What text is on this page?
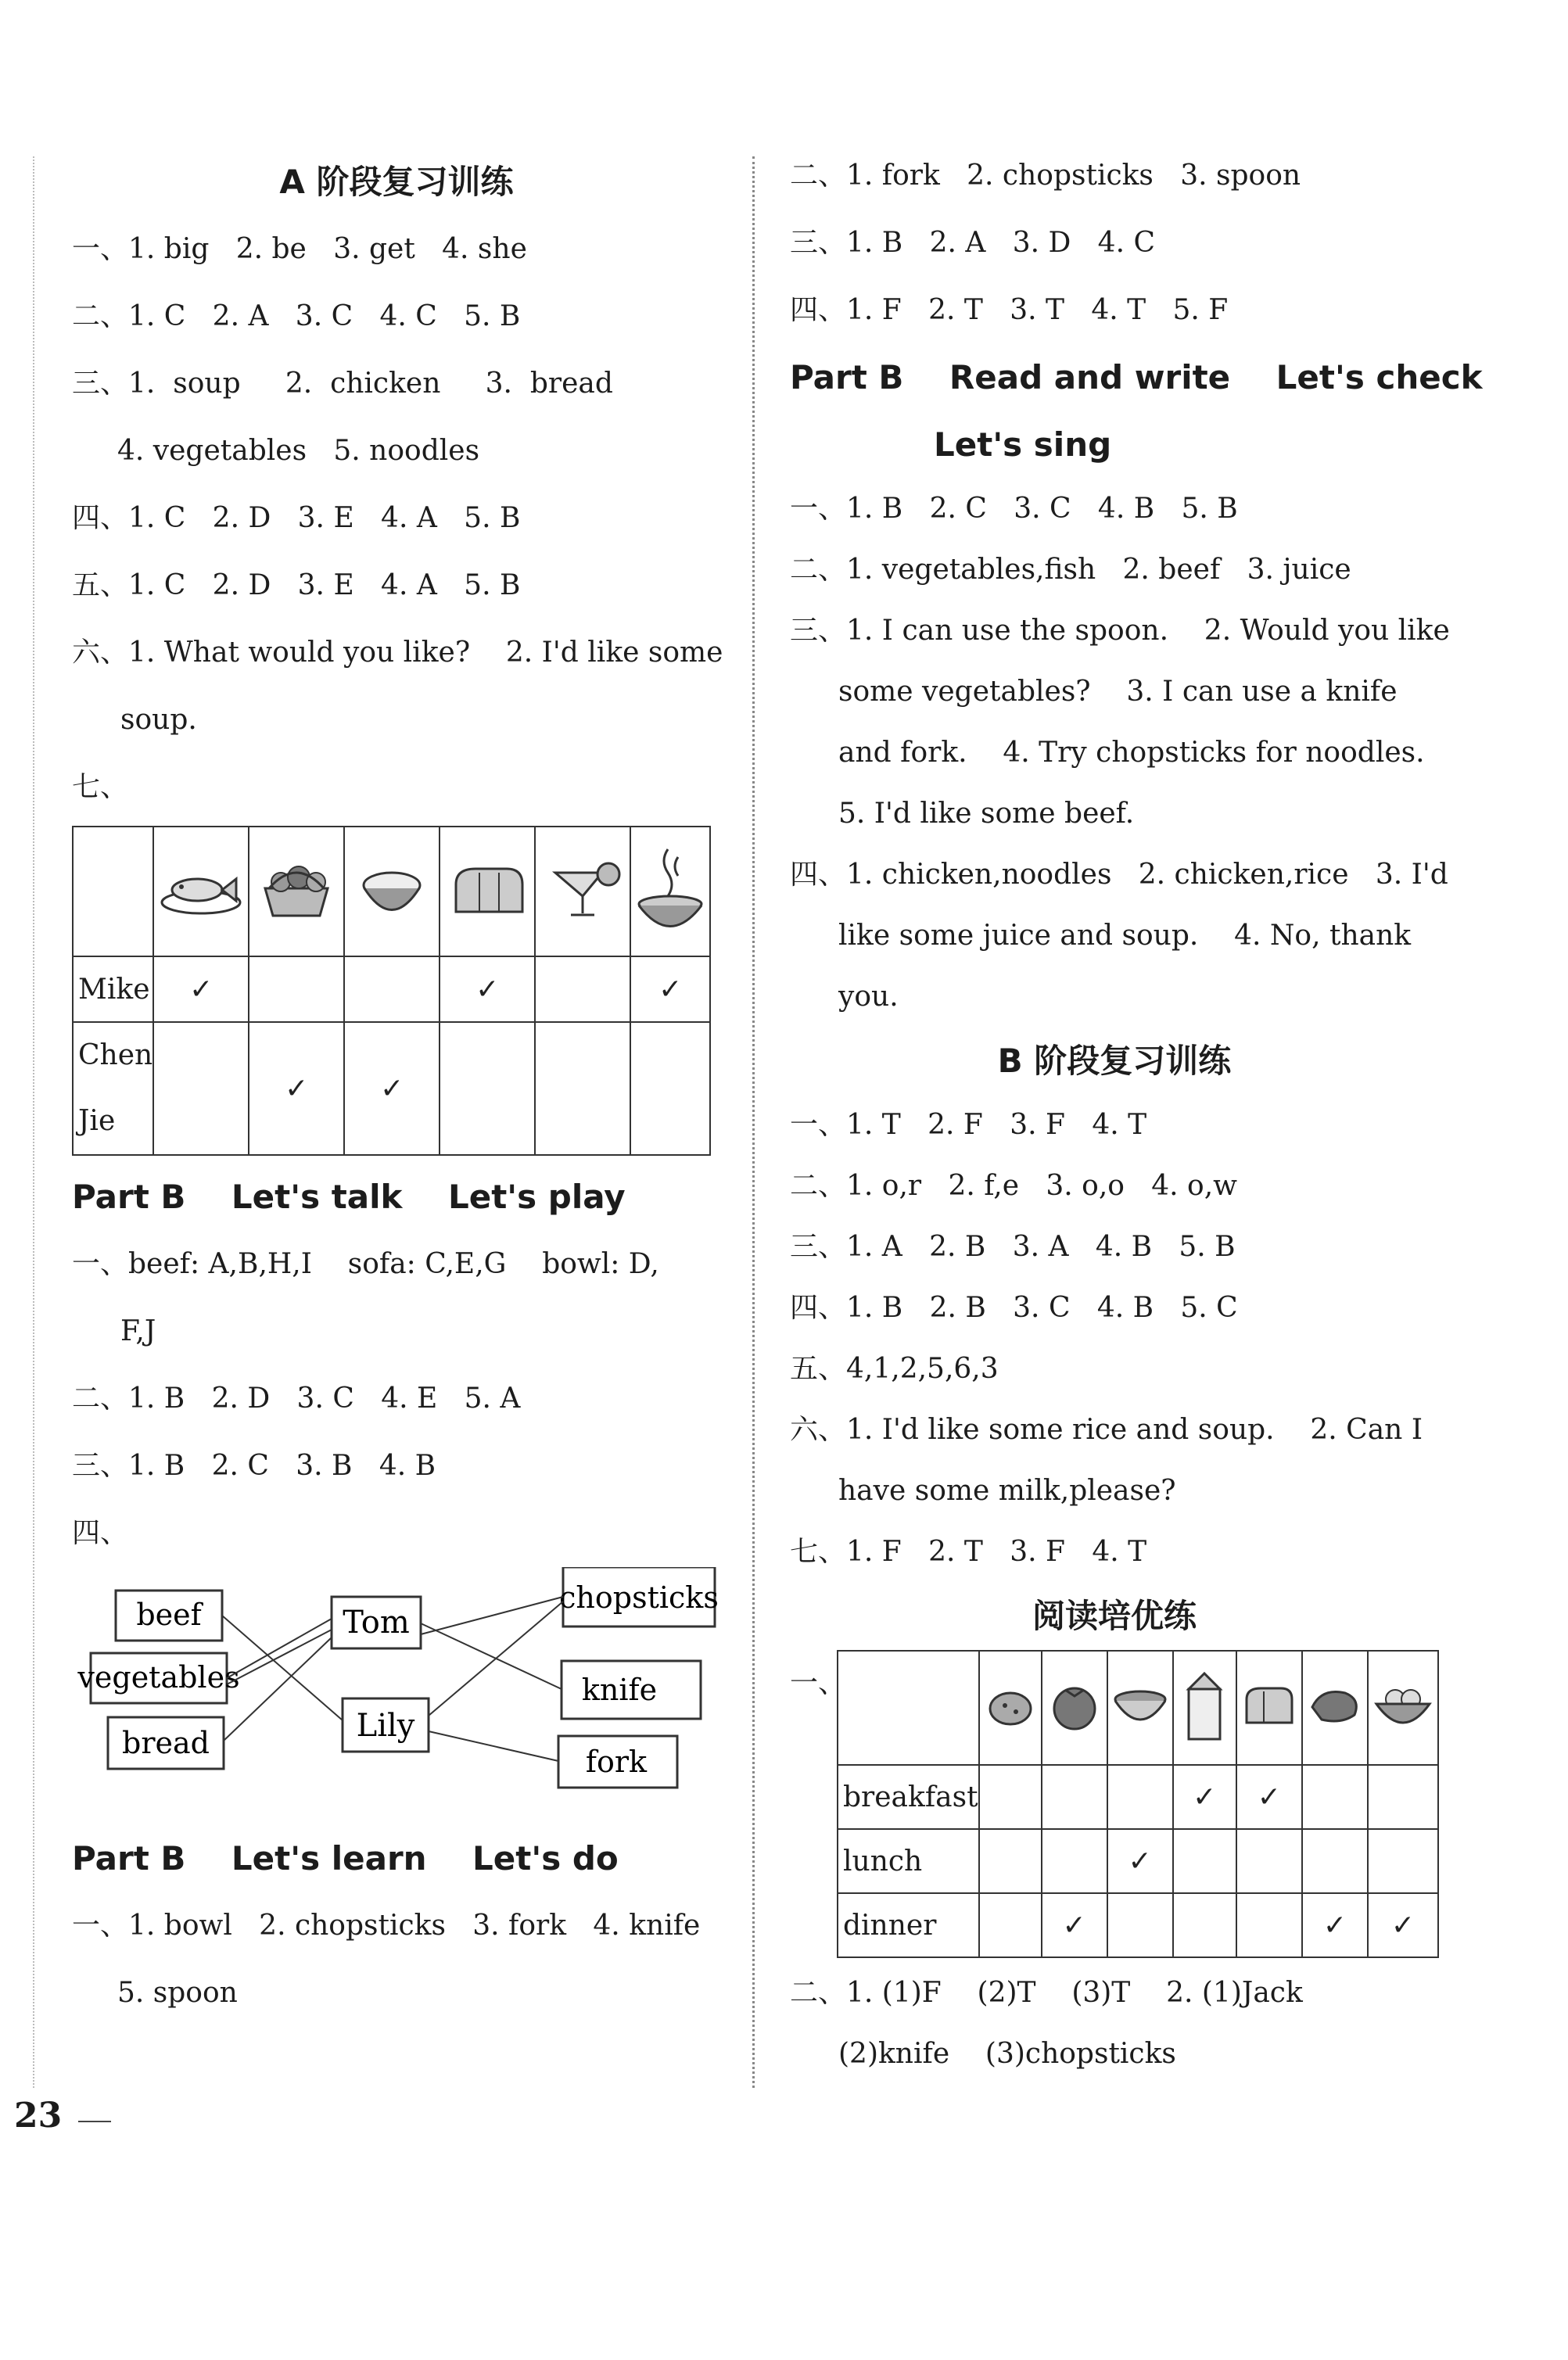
A 阶段复习训练
一、1. big   2. be   3. get   4. she
二、1. C   2. A   3. C   4. C   5. B
三、1.  soup     2.  chicken     3.  bread
4. vegetables   5. noodles
四、1. C   2. D   3. E   4. A   5. B
五、1. C   2. D   3. E   4. A   5. B
六、1. What would you like?    2. I'd like some
soup.
七、

Mike	✓			✓		✓
Chen Jie		✓	✓			
Part B    Let's talk    Let's play
一、beef: A,B,H,I    sofa: C,E,G    bowl: D,
F,J
二、1. B   2. D   3. C   4. E   5. A
三、1. B   2. C   3. B   4. B
四、
beef
vegetables
bread
Tom
Lily
chopsticks
knife
fork
Part B    Let's learn    Let's do
一、1. bowl   2. chopsticks   3. fork   4. knife
5. spoon
二、1. fork   2. chopsticks   3. spoon
三、1. B   2. A   3. D   4. C
四、1. F   2. T   3. T   4. T   5. F
Part B    Read and write    Let's check
Let's sing
一、1. B   2. C   3. C   4. B   5. B
二、1. vegetables,fish   2. beef   3. juice
三、1. I can use the spoon.    2. Would you like
some vegetables?    3. I can use a knife
and fork.    4. Try chopsticks for noodles.
5. I'd like some beef.
四、1. chicken,noodles   2. chicken,rice   3. I'd
like some juice and soup.    4. No, thank
you.
B 阶段复习训练
一、1. T   2. F   3. F   4. T
二、1. o,r   2. f,e   3. o,o   4. o,w
三、1. A   2. B   3. A   4. B   5. B
四、1. B   2. B   3. C   4. B   5. C
五、4,1,2,5,6,3
六、1. I'd like some rice and soup.    2. Can I
have some milk,please?
七、1. F   2. T   3. F   4. T
阅读培优练
一、

breakfast				✓	✓		
lunch			✓				
dinner		✓				✓	✓
二、1. (1)F    (2)T    (3)T    2. (1)Jack
(2)knife    (3)chopsticks
23
